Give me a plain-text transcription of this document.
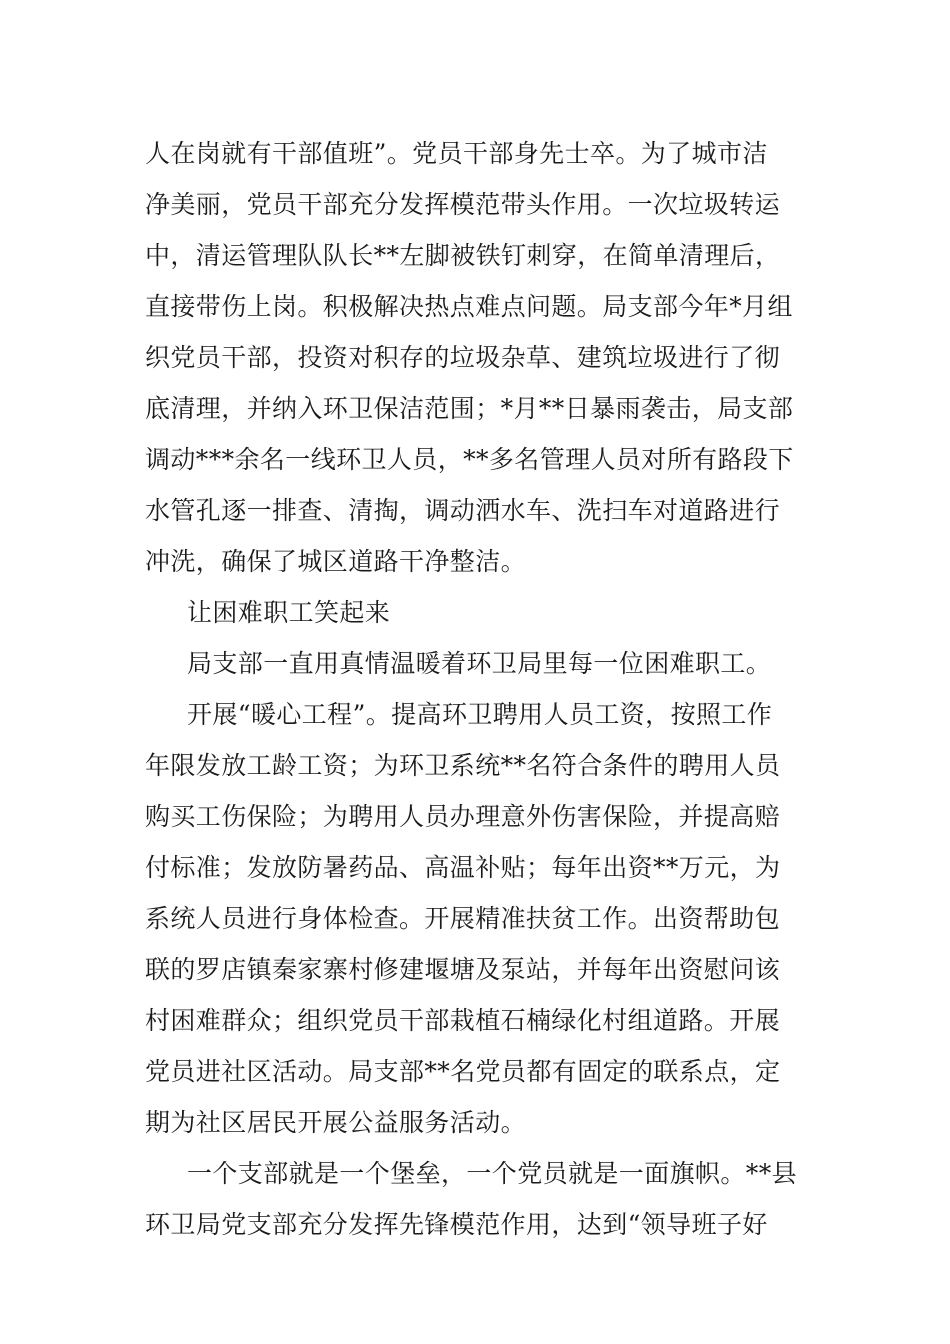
人在岗就有干部值班”。党员干部身先士卒。为了城市洁
净美丽，党员干部充分发挥模范带头作用。一次垃圾转运
中，清运管理队队长**左脚被铁钉刺穿，在简单清理后，
直接带伤上岗。积极解决热点难点问题。局支部今年*月组
织党员干部，投资对积存的垃圾杂草、建筑垃圾进行了彻
底清理，并纳入环卫保洁范围；*月**日暴雨袭击，局支部
调动***余名一线环卫人员，**多名管理人员对所有路段下
水管孔逐一排查、清掏，调动洒水车、洗扫车对道路进行
冲洗，确保了城区道路干净整洁。
让困难职工笑起来
局支部一直用真情温暖着环卫局里每一位困难职工。
开展“暖心工程”。提高环卫聘用人员工资，按照工作
年限发放工龄工资；为环卫系统**名符合条件的聘用人员
购买工伤保险；为聘用人员办理意外伤害保险，并提高赔
付标准；发放防暑药品、高温补贴；每年出资**万元，为
系统人员进行身体检查。开展精准扶贫工作。出资帮助包
联的罗店镇秦家寨村修建堰塘及泵站，并每年出资慰问该
村困难群众；组织党员干部栽植石楠绿化村组道路。开展
党员进社区活动。局支部**名党员都有固定的联系点，定
期为社区居民开展公益服务活动。
一个支部就是一个堡垒，一个党员就是一面旗帜。**县
环卫局党支部充分发挥先锋模范作用，达到“领导班子好
